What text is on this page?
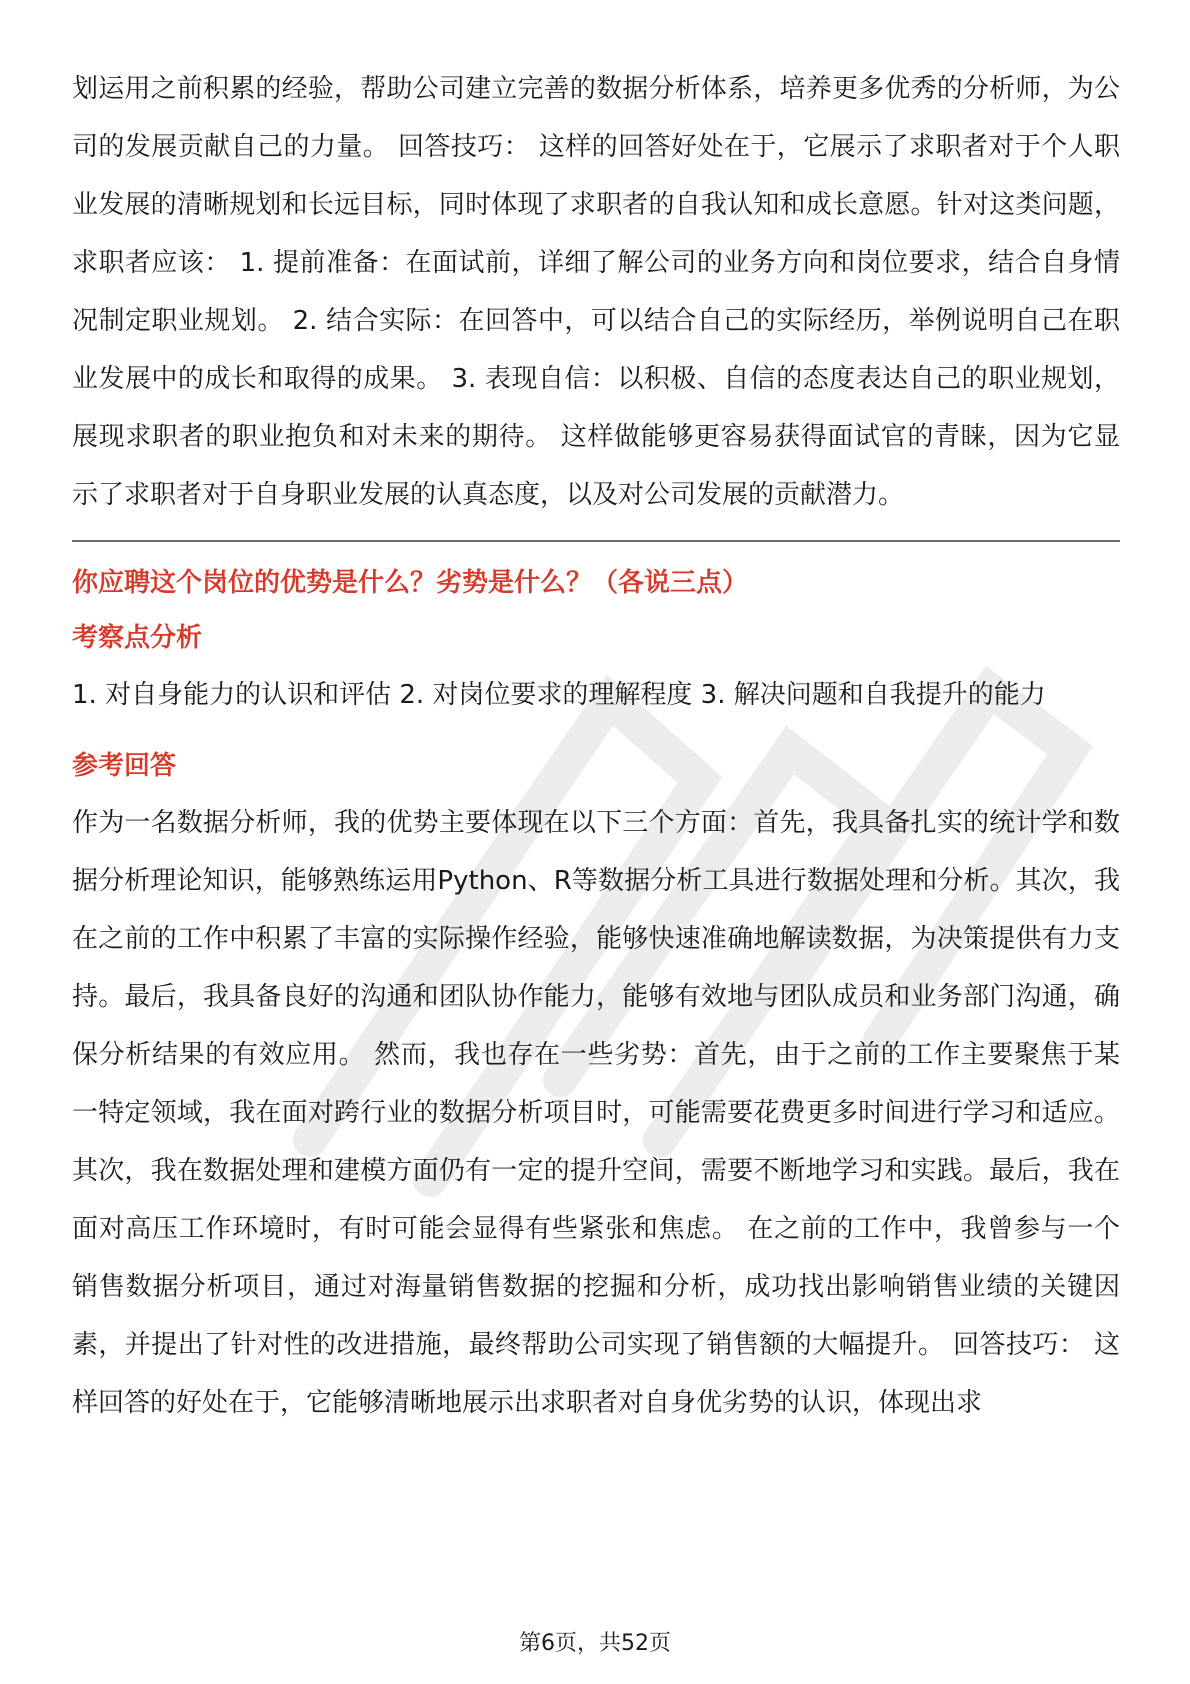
划运用之前积累的经验，帮助公司建立完善的数据分析体系，培养更多优秀的分析师，为公司的发展贡献自己的力量。 回答技巧： 这样的回答好处在于，它展示了求职者对于个人职业发展的清晰规划和长远目标，同时体现了求职者的自我认知和成长意愿。针对这类问题，求职者应该： 1. 提前准备：在面试前，详细了解公司的业务方向和岗位要求，结合自身情况制定职业规划。 2. 结合实际：在回答中，可以结合自己的实际经历，举例说明自己在职业发展中的成长和取得的成果。 3. 表现自信：以积极、自信的态度表达自己的职业规划，展现求职者的职业抱负和对未来的期待。 这样做能够更容易获得面试官的青睐，因为它显示了求职者对于自身职业发展的认真态度，以及对公司发展的贡献潜力。

你应聘这个岗位的优势是什么？劣势是什么？（各说三点）

考察点分析

1. 对自身能力的认识和评估 2. 对岗位要求的理解程度 3. 解决问题和自我提升的能力

参考回答

作为一名数据分析师，我的优势主要体现在以下三个方面：首先，我具备扎实的统计学和数据分析理论知识，能够熟练运用Python、R等数据分析工具进行数据处理和分析。其次，我在之前的工作中积累了丰富的实际操作经验，能够快速准确地解读数据，为决策提供有力支持。最后，我具备良好的沟通和团队协作能力，能够有效地与团队成员和业务部门沟通，确保分析结果的有效应用。 然而，我也存在一些劣势：首先，由于之前的工作主要聚焦于某一特定领域，我在面对跨行业的数据分析项目时，可能需要花费更多时间进行学习和适应。其次，我在数据处理和建模方面仍有一定的提升空间，需要不断地学习和实践。最后，我在面对高压工作环境时，有时可能会显得有些紧张和焦虑。 在之前的工作中，我曾参与一个销售数据分析项目，通过对海量销售数据的挖掘和分析，成功找出影响销售业绩的关键因素，并提出了针对性的改进措施，最终帮助公司实现了销售额的大幅提升。 回答技巧： 这样回答的好处在于，它能够清晰地展示出求职者对自身优劣势的认识，体现出求

第6页，共52页
